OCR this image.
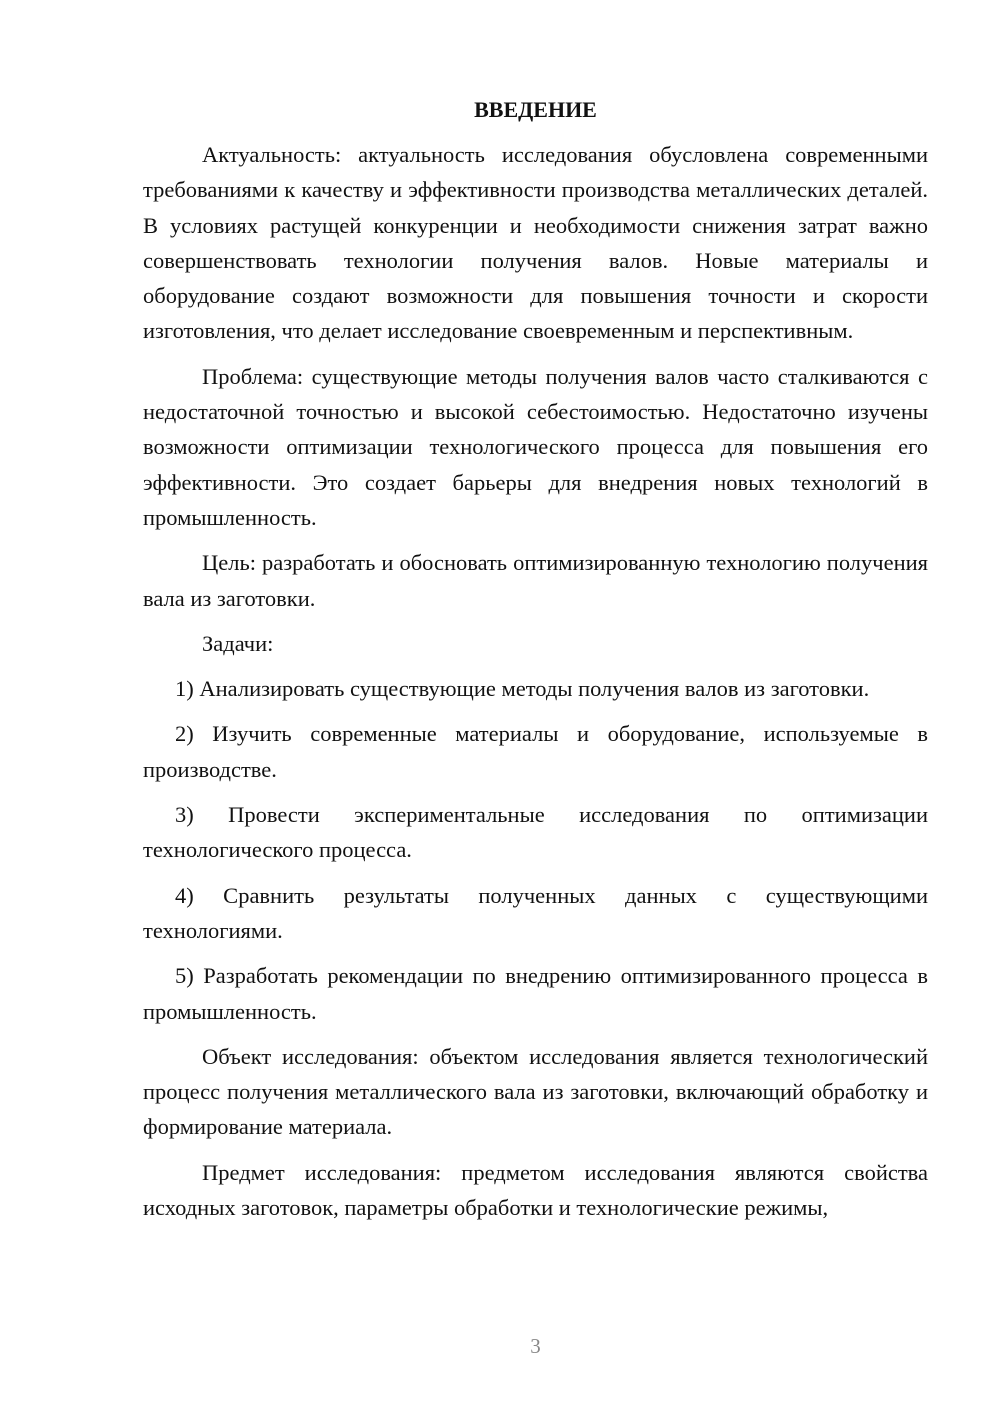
ВВЕДЕНИЕ

Актуальность: актуальность исследования обусловлена современными требованиями к качеству и эффективности производства металлических деталей. В условиях растущей конкуренции и необходимости снижения затрат важно совершенствовать технологии получения валов. Новые материалы и оборудование создают возможности для повышения точности и скорости изготовления, что делает исследование своевременным и перспективным.

Проблема: существующие методы получения валов часто сталкиваются с недостаточной точностью и высокой себестоимостью. Недостаточно изучены возможности оптимизации технологического процесса для повышения его эффективности. Это создает барьеры для внедрения новых технологий в промышленность.

Цель: разработать и обосновать оптимизированную технологию получения вала из заготовки.

Задачи:

1) Анализировать существующие методы получения валов из заготовки.

2) Изучить современные материалы и оборудование, используемые в производстве.

3) Провести экспериментальные исследования по оптимизации технологического процесса.

4) Сравнить результаты полученных данных с существующими технологиями.

5) Разработать рекомендации по внедрению оптимизированного процесса в промышленность.

Объект исследования: объектом исследования является технологический процесс получения металлического вала из заготовки, включающий обработку и формирование материала.

Предмет исследования: предметом исследования являются свойства исходных заготовок, параметры обработки и технологические режимы,

3
